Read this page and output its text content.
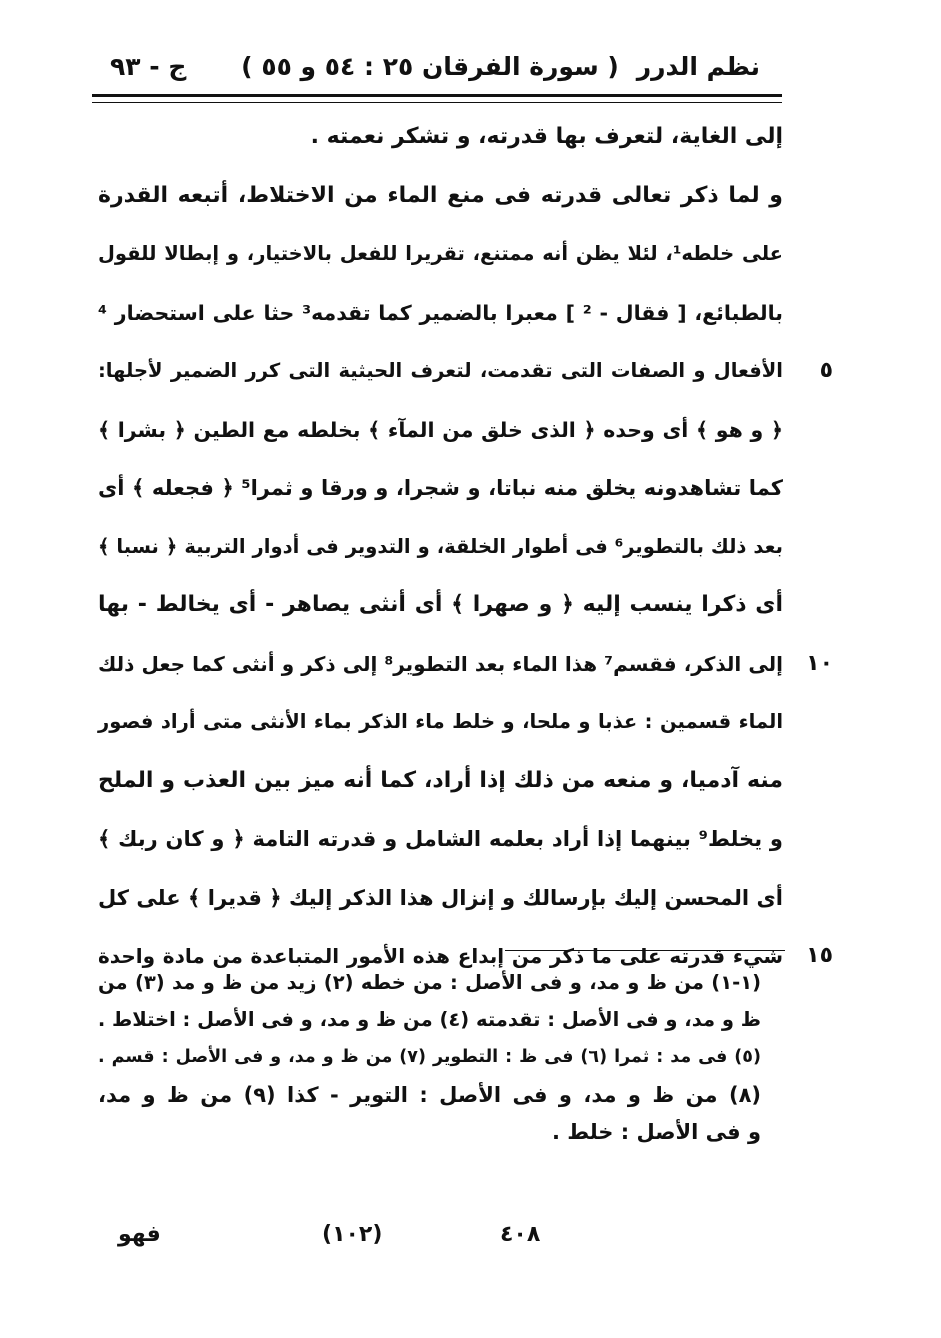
نظم الدرر
( سورة الفرقان ٢٥ : ٥٤ و ٥٥ )
ج - ٩٣
إلى الغاية، لتعرف بها قدرته، و تشكر نعمته .
و لما ذكر تعالى قدرته فى منع الماء من الاختلاط، أتبعه القدرة
على خلطه¹، لئلا يظن أنه ممتنع، تقريرا للفعل بالاختيار، و إبطالا للقول
بالطبائع، [ فقال - ² ] معبرا بالضمير كما تقدمه³ حثا على استحضار ⁴
٥
الأفعال و الصفات التى تقدمت، لتعرف الحيثية التى كرر الضمير لأجلها:
﴿ و هو ﴾ أى وحده ﴿ الذى خلق من المآء ﴾ بخلطه مع الطين ﴿ بشرا ﴾
كما تشاهدونه يخلق منه نباتا، و شجرا، و ورقا و ثمرا⁵ ﴿ فجعله ﴾ أى
بعد ذلك بالتطوير⁶ فى أطوار الخلقة، و التدوير فى أدوار التربية ﴿ نسبا ﴾
أى ذكرا ينسب إليه ﴿ و صهرا ﴾ أى أنثى يصاهر - أى يخالط - بها
١٠
إلى الذكر، فقسم⁷ هذا الماء بعد التطوير⁸ إلى ذكر و أنثى كما جعل ذلك
الماء قسمين : عذبا و ملحا، و خلط ماء الذكر بماء الأنثى متى أراد فصور
منه آدميا، و منعه من ذلك إذا أراد، كما أنه ميز بين العذب و الملح
و يخلط⁹ بينهما إذا أراد بعلمه الشامل و قدرته التامة ﴿ و كان ربك ﴾
أى المحسن إليك بإرسالك و إنزال هذا الذكر إليك ﴿ قديرا ﴾ على كل
١٥
شيء قدرته على ما ذكر من إبداع هذه الأمور المتباعدة من مادة واحدة
(١-١) من ظ و مد، و فى الأصل : من خطه (٢) زيد من ظ و مد (٣) من
ظ و مد، و فى الأصل : تقدمته (٤) من ظ و مد، و فى الأصل : اختلاط .
(٥) فى مد : ثمرا (٦) فى ظ : التطوير (٧) من ظ و مد، و فى الأصل : قسم .
(٨) من ظ و مد، و فى الأصل : التوير - كذا (٩) من ظ و مد،
و فى الأصل : خلط .
فهو	(١٠٢)	٤٠٨
